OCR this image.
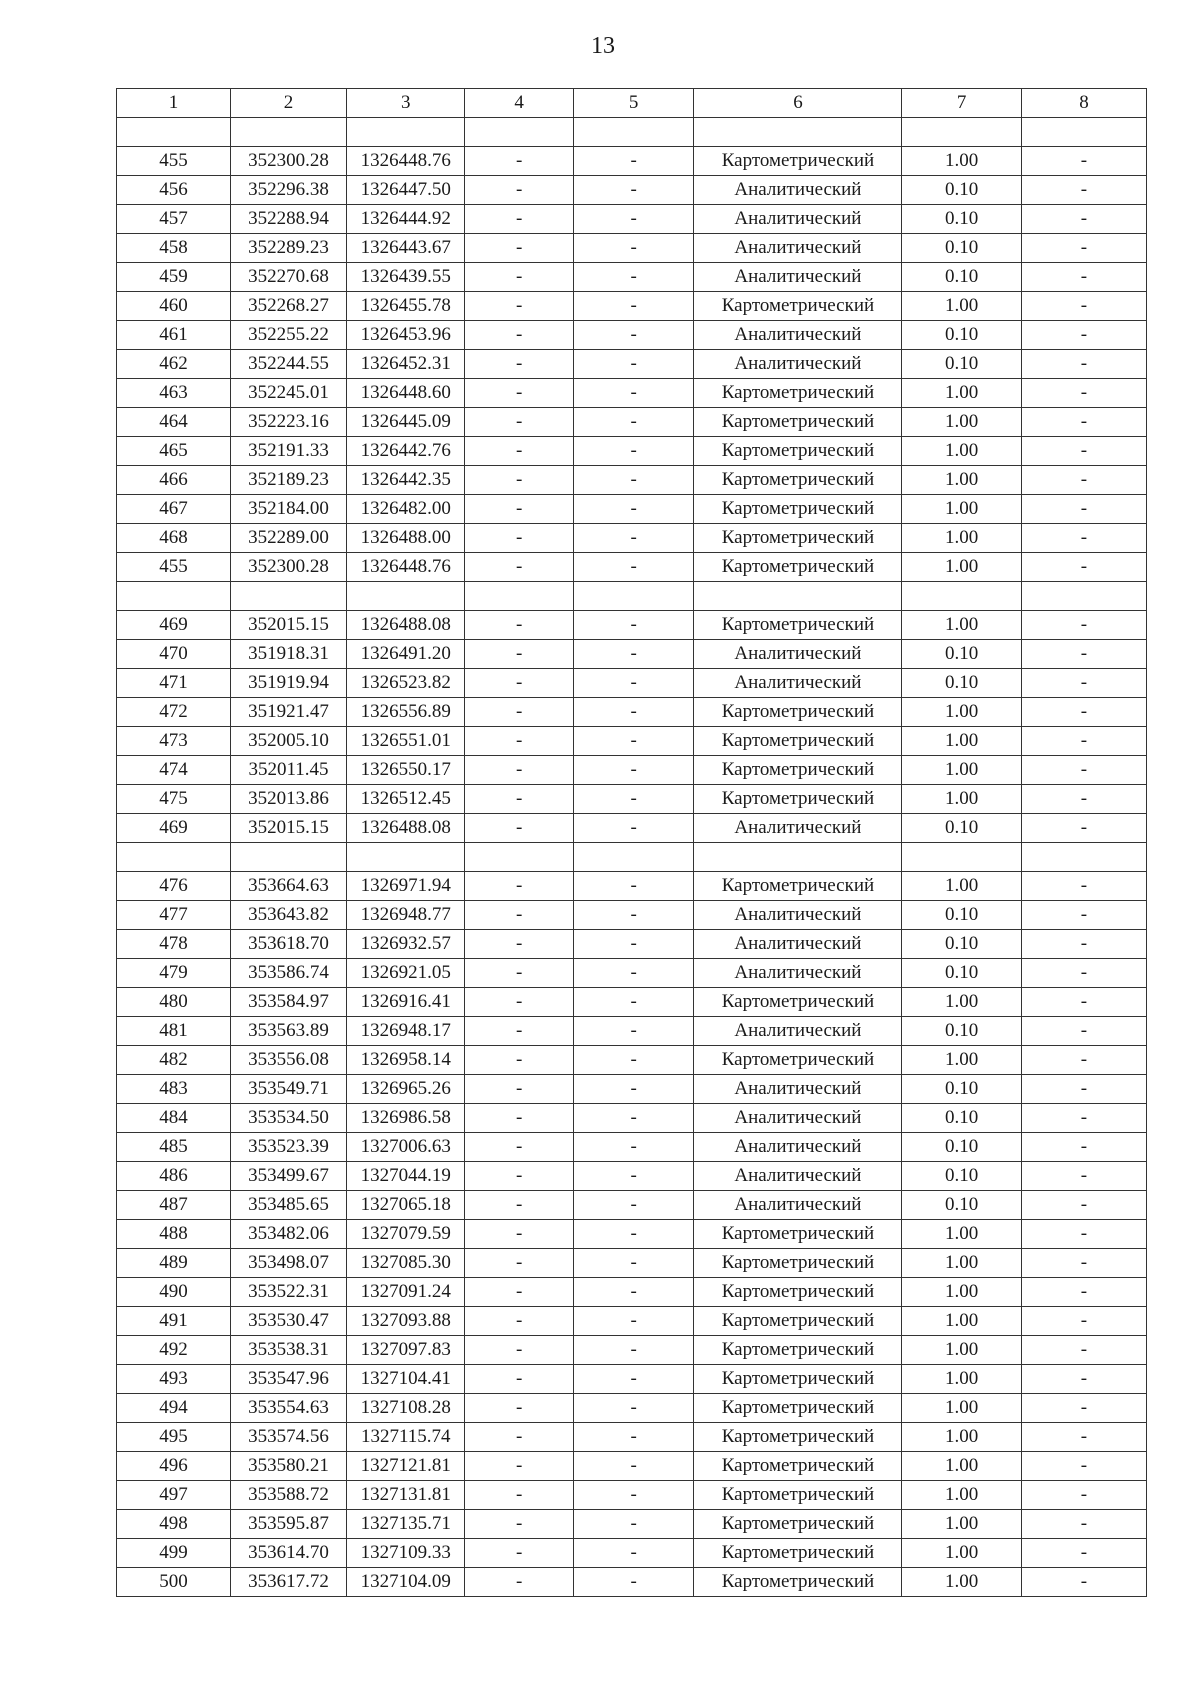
13
1	2	3	4	5	6	7	8

455	352300.28	1326448.76	-	-	Картометрический	1.00	-
456	352296.38	1326447.50	-	-	Аналитический	0.10	-
457	352288.94	1326444.92	-	-	Аналитический	0.10	-
458	352289.23	1326443.67	-	-	Аналитический	0.10	-
459	352270.68	1326439.55	-	-	Аналитический	0.10	-
460	352268.27	1326455.78	-	-	Картометрический	1.00	-
461	352255.22	1326453.96	-	-	Аналитический	0.10	-
462	352244.55	1326452.31	-	-	Аналитический	0.10	-
463	352245.01	1326448.60	-	-	Картометрический	1.00	-
464	352223.16	1326445.09	-	-	Картометрический	1.00	-
465	352191.33	1326442.76	-	-	Картометрический	1.00	-
466	352189.23	1326442.35	-	-	Картометрический	1.00	-
467	352184.00	1326482.00	-	-	Картометрический	1.00	-
468	352289.00	1326488.00	-	-	Картометрический	1.00	-
455	352300.28	1326448.76	-	-	Картометрический	1.00	-

469	352015.15	1326488.08	-	-	Картометрический	1.00	-
470	351918.31	1326491.20	-	-	Аналитический	0.10	-
471	351919.94	1326523.82	-	-	Аналитический	0.10	-
472	351921.47	1326556.89	-	-	Картометрический	1.00	-
473	352005.10	1326551.01	-	-	Картометрический	1.00	-
474	352011.45	1326550.17	-	-	Картометрический	1.00	-
475	352013.86	1326512.45	-	-	Картометрический	1.00	-
469	352015.15	1326488.08	-	-	Аналитический	0.10	-

476	353664.63	1326971.94	-	-	Картометрический	1.00	-
477	353643.82	1326948.77	-	-	Аналитический	0.10	-
478	353618.70	1326932.57	-	-	Аналитический	0.10	-
479	353586.74	1326921.05	-	-	Аналитический	0.10	-
480	353584.97	1326916.41	-	-	Картометрический	1.00	-
481	353563.89	1326948.17	-	-	Аналитический	0.10	-
482	353556.08	1326958.14	-	-	Картометрический	1.00	-
483	353549.71	1326965.26	-	-	Аналитический	0.10	-
484	353534.50	1326986.58	-	-	Аналитический	0.10	-
485	353523.39	1327006.63	-	-	Аналитический	0.10	-
486	353499.67	1327044.19	-	-	Аналитический	0.10	-
487	353485.65	1327065.18	-	-	Аналитический	0.10	-
488	353482.06	1327079.59	-	-	Картометрический	1.00	-
489	353498.07	1327085.30	-	-	Картометрический	1.00	-
490	353522.31	1327091.24	-	-	Картометрический	1.00	-
491	353530.47	1327093.88	-	-	Картометрический	1.00	-
492	353538.31	1327097.83	-	-	Картометрический	1.00	-
493	353547.96	1327104.41	-	-	Картометрический	1.00	-
494	353554.63	1327108.28	-	-	Картометрический	1.00	-
495	353574.56	1327115.74	-	-	Картометрический	1.00	-
496	353580.21	1327121.81	-	-	Картометрический	1.00	-
497	353588.72	1327131.81	-	-	Картометрический	1.00	-
498	353595.87	1327135.71	-	-	Картометрический	1.00	-
499	353614.70	1327109.33	-	-	Картометрический	1.00	-
500	353617.72	1327104.09	-	-	Картометрический	1.00	-
